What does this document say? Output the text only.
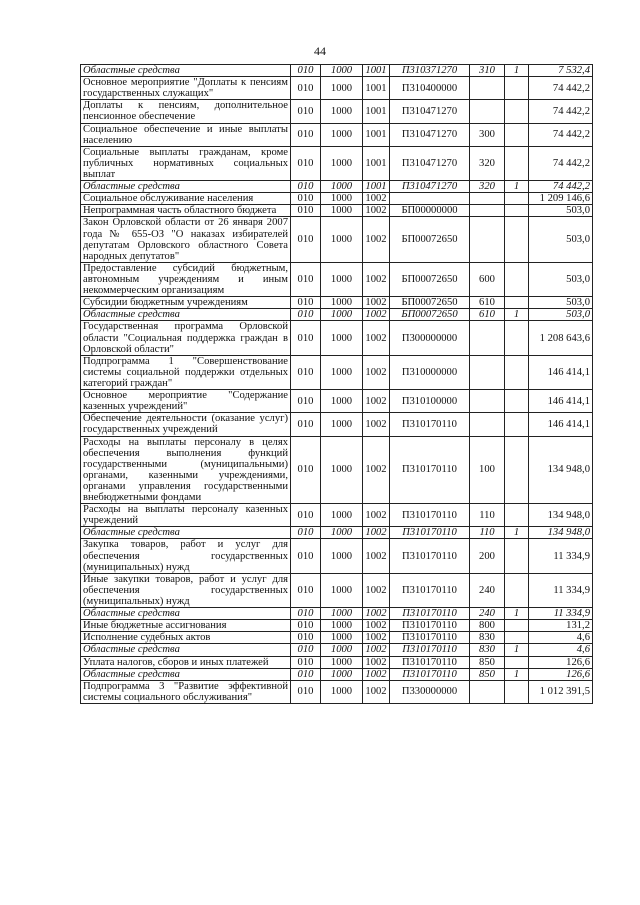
44
Областные средства	010	1000	1001	П310371270	310	1	7 532,4
Основное мероприятие "Доплаты к пенсиям государственных служащих"	010	1000	1001	П310400000			74 442,2
Доплаты к пенсиям, дополнительное пенсионное обеспечение	010	1000	1001	П310471270			74 442,2
Социальное обеспечение и иные выплаты населению	010	1000	1001	П310471270	300		74 442,2
Социальные выплаты гражданам, кроме публичных нормативных социальных выплат	010	1000	1001	П310471270	320		74 442,2
Областные средства	010	1000	1001	П310471270	320	1	74 442,2
Социальное обслуживание населения	010	1000	1002				1 209 146,6
Непрограммная часть областного бюджета	010	1000	1002	БП00000000			503,0
Закон Орловской области от 26 января 2007 года № 655-ОЗ "О наказах избирателей депутатам Орловского областного Совета народных депутатов"	010	1000	1002	БП00072650			503,0
Предоставление субсидий бюджетным, автономным учреждениям и иным некоммерческим организациям	010	1000	1002	БП00072650	600		503,0
Субсидии бюджетным учреждениям	010	1000	1002	БП00072650	610		503,0
Областные средства	010	1000	1002	БП00072650	610	1	503,0
Государственная программа Орловской области "Социальная поддержка граждан в Орловской области"	010	1000	1002	П300000000			1 208 643,6
Подпрограмма 1 "Совершенствование системы социальной поддержки отдельных категорий граждан"	010	1000	1002	П310000000			146 414,1
Основное мероприятие "Содержание казенных учреждений"	010	1000	1002	П310100000			146 414,1
Обеспечение деятельности (оказание услуг) государственных учреждений	010	1000	1002	П310170110			146 414,1
Расходы на выплаты персоналу в целях обеспечения выполнения функций государственными (муниципальными) органами, казенными учреждениями, органами управления государственными внебюджетными фондами	010	1000	1002	П310170110	100		134 948,0
Расходы на выплаты персоналу казенных учреждений	010	1000	1002	П310170110	110		134 948,0
Областные средства	010	1000	1002	П310170110	110	1	134 948,0
Закупка товаров, работ и услуг для обеспечения государственных (муниципальных) нужд	010	1000	1002	П310170110	200		11 334,9
Иные закупки товаров, работ и услуг для обеспечения государственных (муниципальных) нужд	010	1000	1002	П310170110	240		11 334,9
Областные средства	010	1000	1002	П310170110	240	1	11 334,9
Иные бюджетные ассигнования	010	1000	1002	П310170110	800		131,2
Исполнение судебных актов	010	1000	1002	П310170110	830		4,6
Областные средства	010	1000	1002	П310170110	830	1	4,6
Уплата налогов, сборов и иных платежей	010	1000	1002	П310170110	850		126,6
Областные средства	010	1000	1002	П310170110	850	1	126,6
Подпрограмма 3 "Развитие эффективной системы социального обслуживания"	010	1000	1002	П330000000			1 012 391,5
